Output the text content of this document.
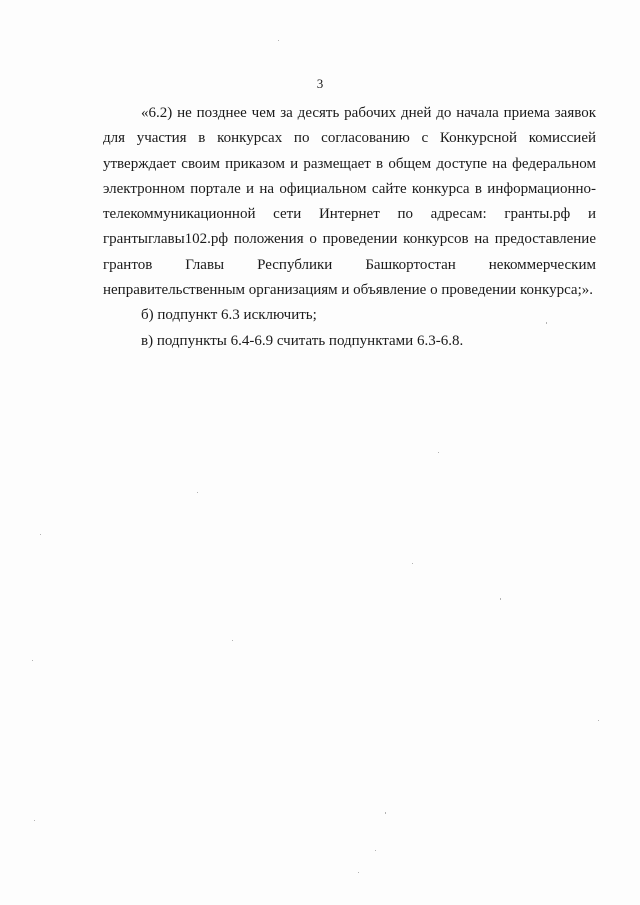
3

«6.2) не позднее чем за десять рабочих дней до начала приема заявок для участия в конкурсах по согласованию с Конкурсной комиссией утверждает своим приказом и размещает в общем доступе на федеральном электронном портале и на официальном сайте конкурса в информационно-телекоммуникационной сети Интернет по адресам: гранты.рф и грантыглавы102.рф положения о проведении конкурсов на предоставление грантов Главы Республики Башкортостан некоммерческим неправительственным организациям и объявление о проведении конкурса;».

б) подпункт 6.3 исключить;

в) подпункты 6.4-6.9 считать подпунктами 6.3-6.8.
